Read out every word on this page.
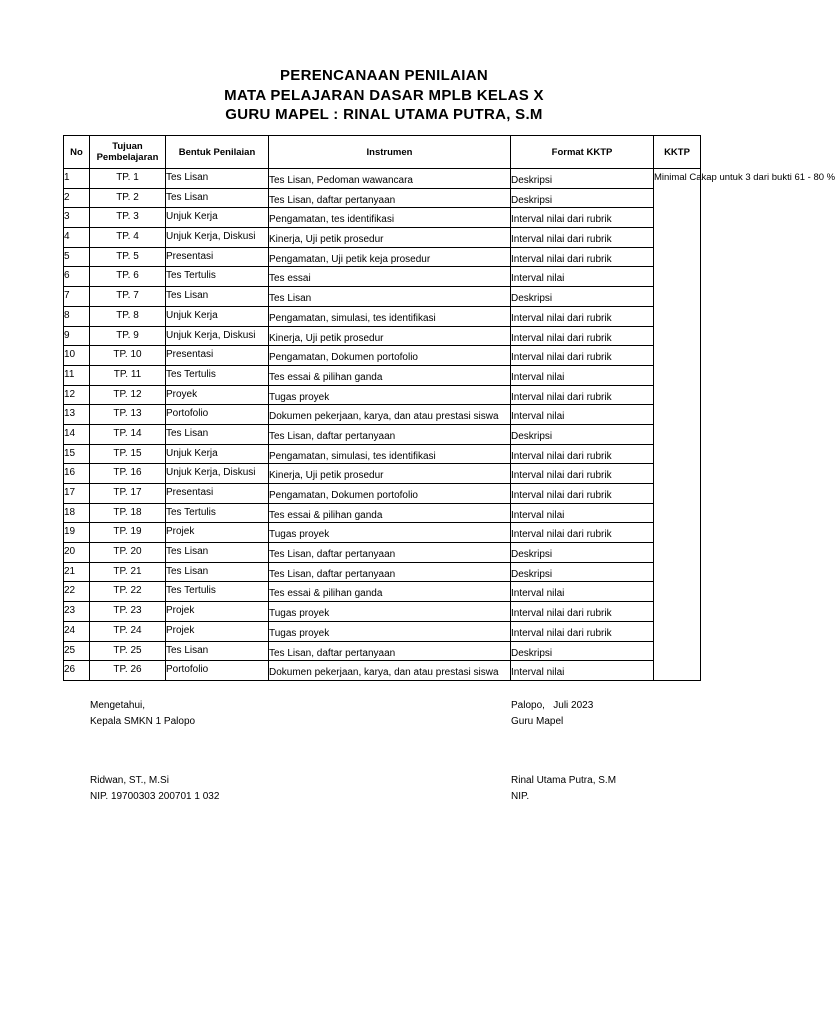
PERENCANAAN PENILAIAN
MATA PELAJARAN DASAR MPLB KELAS X
GURU MAPEL : RINAL UTAMA PUTRA, S.M
No	Tujuan Pembelajaran	Bentuk Penilaian	Instrumen	Format KKTP	KKTP
1	TP. 1	Tes Lisan	Tes Lisan, Pedoman wawancara	Deskripsi	Minimal Cakap untuk 3 dari bukti 61 - 80 %
2	TP. 2	Tes Lisan	Tes Lisan, daftar pertanyaan	Deskripsi	
3	TP. 3	Unjuk Kerja	Pengamatan, tes identifikasi	Interval nilai dari rubrik	
4	TP. 4	Unjuk Kerja, Diskusi	Kinerja, Uji petik prosedur	Interval nilai dari rubrik	
5	TP. 5	Presentasi	Pengamatan, Uji petik keja prosedur	Interval nilai dari rubrik	
6	TP. 6	Tes Tertulis	Tes essai	Interval nilai	
7	TP. 7	Tes Lisan	Tes Lisan	Deskripsi	
8	TP. 8	Unjuk Kerja	Pengamatan, simulasi, tes identifikasi	Interval nilai dari rubrik	
9	TP. 9	Unjuk Kerja, Diskusi	Kinerja, Uji petik prosedur	Interval nilai dari rubrik	
10	TP. 10	Presentasi	Pengamatan, Dokumen portofolio	Interval nilai dari rubrik	
11	TP. 11	Tes Tertulis	Tes essai & pilihan ganda	Interval nilai	
12	TP. 12	Proyek	Tugas proyek	Interval nilai dari rubrik	
13	TP. 13	Portofolio	Dokumen pekerjaan, karya, dan atau prestasi siswa	Interval nilai	
14	TP. 14	Tes Lisan	Tes Lisan, daftar pertanyaan	Deskripsi	
15	TP. 15	Unjuk Kerja	Pengamatan, simulasi, tes identifikasi	Interval nilai dari rubrik	
16	TP. 16	Unjuk Kerja, Diskusi	Kinerja, Uji petik prosedur	Interval nilai dari rubrik	
17	TP. 17	Presentasi	Pengamatan, Dokumen portofolio	Interval nilai dari rubrik	
18	TP. 18	Tes Tertulis	Tes essai & pilihan ganda	Interval nilai	
19	TP. 19	Projek	Tugas proyek	Interval nilai dari rubrik	
20	TP. 20	Tes Lisan	Tes Lisan, daftar pertanyaan	Deskripsi	
21	TP. 21	Tes Lisan	Tes Lisan, daftar pertanyaan	Deskripsi	
22	TP. 22	Tes Tertulis	Tes essai & pilihan ganda	Interval nilai	
23	TP. 23	Projek	Tugas proyek	Interval nilai dari rubrik	
24	TP. 24	Projek	Tugas proyek	Interval nilai dari rubrik	
25	TP. 25	Tes Lisan	Tes Lisan, daftar pertanyaan	Deskripsi	
26	TP. 26	Portofolio	Dokumen pekerjaan, karya, dan atau prestasi siswa	Interval nilai	
Mengetahui,
Kepala SMKN 1 Palopo
Ridwan, ST., M.Si
NIP. 19700303 200701 1 032
Palopo,   Juli 2023
Guru Mapel
Rinal Utama Putra, S.M
NIP.
